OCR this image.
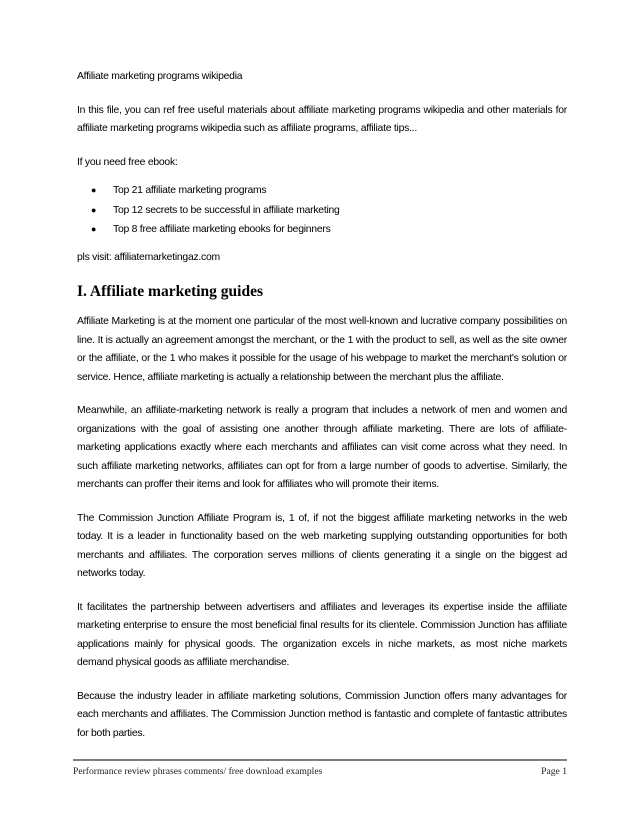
Affiliate marketing programs wikipedia

In this file, you can ref free useful materials about affiliate marketing programs wikipedia and other materials for affiliate marketing programs wikipedia such as affiliate programs, affiliate tips...

If you need free ebook:

●	Top 21 affiliate marketing programs
●	Top 12 secrets to be successful in affiliate marketing
●	Top 8 free affiliate marketing ebooks for beginners

pls visit: affiliatemarketingaz.com

I. Affiliate marketing guides

Affiliate Marketing is at the moment one particular of the most well-known and lucrative company possibilities on line. It is actually an agreement amongst the merchant, or the 1 with the product to sell, as well as the site owner or the affiliate, or the 1 who makes it possible for the usage of his webpage to market the merchant's solution or service. Hence, affiliate marketing is actually a relationship between the merchant plus the affiliate.

Meanwhile, an affiliate-marketing network is really a program that includes a network of men and women and organizations with the goal of assisting one another through affiliate marketing. There are lots of affiliate-marketing applications exactly where each merchants and affiliates can visit come across what they need. In such affiliate marketing networks, affiliates can opt for from a large number of goods to advertise. Similarly, the merchants can proffer their items and look for affiliates who will promote their items.

The Commission Junction Affiliate Program is, 1 of, if not the biggest affiliate marketing networks in the web today. It is a leader in functionality based on the web marketing supplying outstanding opportunities for both merchants and affiliates. The corporation serves millions of clients generating it a single on the biggest ad networks today.

It facilitates the partnership between advertisers and affiliates and leverages its expertise inside the affiliate marketing enterprise to ensure the most beneficial final results for its clientele. Commission Junction has affiliate applications mainly for physical goods. The organization excels in niche markets, as most niche markets demand physical goods as affiliate merchandise.

Because the industry leader in affiliate marketing solutions, Commission Junction offers many advantages for each merchants and affiliates. The Commission Junction method is fantastic and complete of fantastic attributes for both parties.

Performance review phrases comments/ free download examples	Page 1
